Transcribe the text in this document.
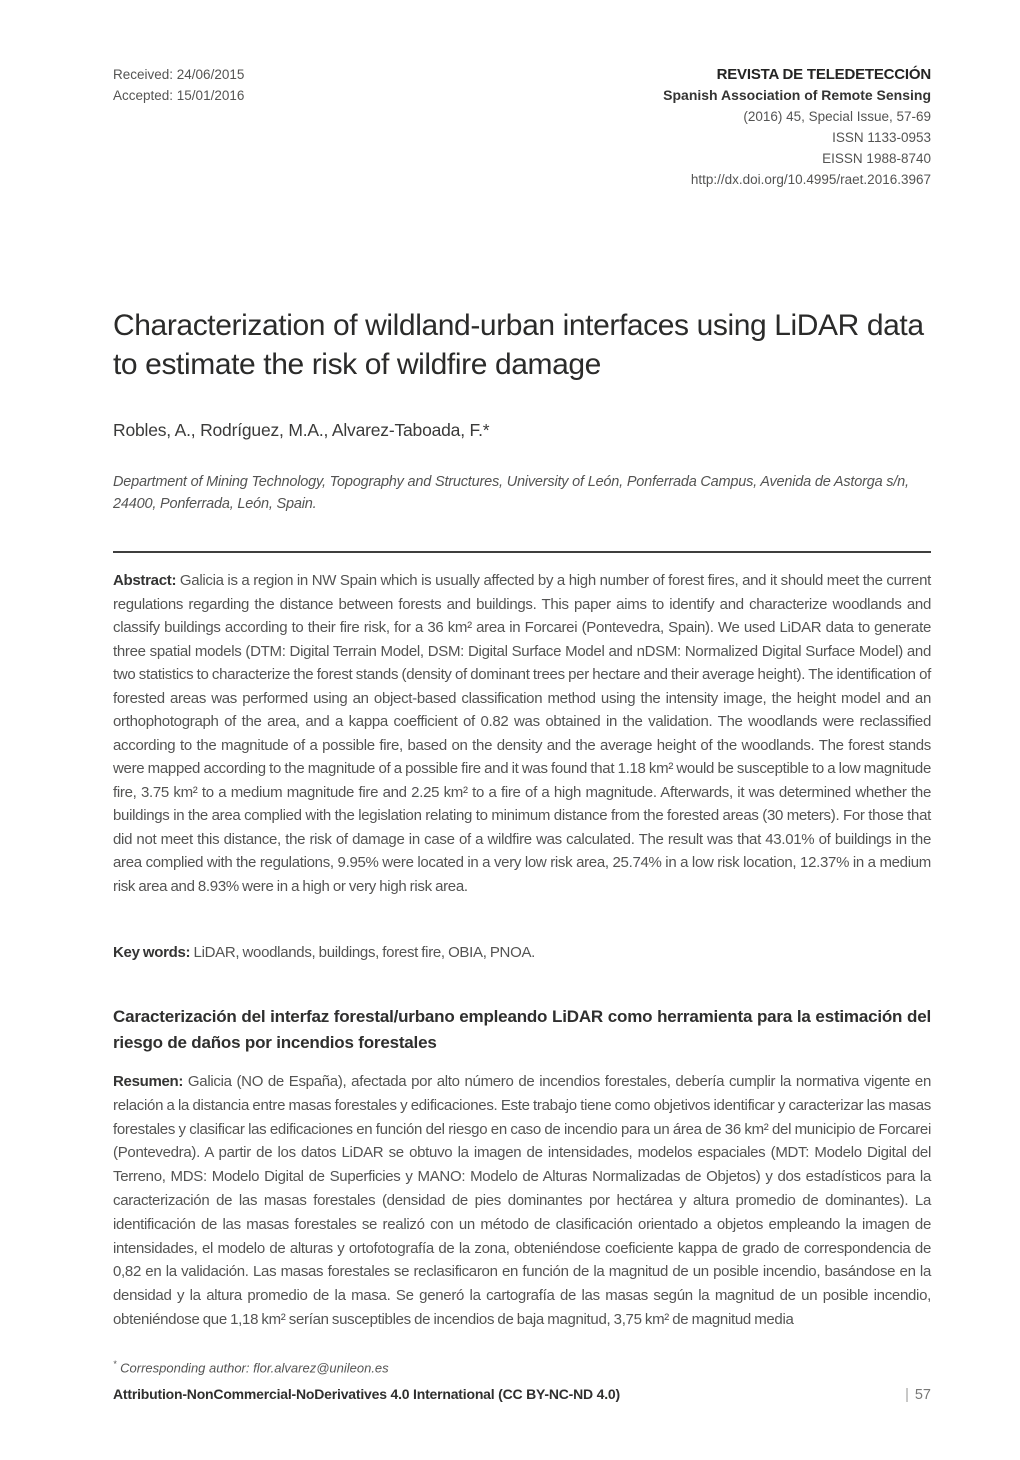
Received: 24/06/2015
Accepted: 15/01/2016
REVISTA DE TELEDETECCIÓN
Spanish Association of Remote Sensing
(2016) 45, Special Issue, 57-69
ISSN 1133-0953
EISSN 1988-8740
http://dx.doi.org/10.4995/raet.2016.3967
Characterization of wildland-urban interfaces using LiDAR data to estimate the risk of wildfire damage
Robles, A., Rodríguez, M.A., Alvarez-Taboada, F.*
Department of Mining Technology, Topography and Structures, University of León, Ponferrada Campus, Avenida de Astorga s/n, 24400, Ponferrada, León, Spain.

Abstract: Galicia is a region in NW Spain which is usually affected by a high number of forest fires, and it should meet the current regulations regarding the distance between forests and buildings. This paper aims to identify and characterize woodlands and classify buildings according to their fire risk, for a 36 km² area in Forcarei (Pontevedra, Spain). We used LiDAR data to generate three spatial models (DTM: Digital Terrain Model, DSM: Digital Surface Model and nDSM: Normalized Digital Surface Model) and two statistics to characterize the forest stands (density of dominant trees per hectare and their average height). The identification of forested areas was performed using an object-based classification method using the intensity image, the height model and an orthophotograph of the area, and a kappa coefficient of 0.82 was obtained in the validation. The woodlands were reclassified according to the magnitude of a possible fire, based on the density and the average height of the woodlands. The forest stands were mapped according to the magnitude of a possible fire and it was found that 1.18 km² would be susceptible to a low magnitude fire, 3.75 km² to a medium magnitude fire and 2.25 km² to a fire of a high magnitude. Afterwards, it was determined whether the buildings in the area complied with the legislation relating to minimum distance from the forested areas (30 meters). For those that did not meet this distance, the risk of damage in case of a wildfire was calculated. The result was that 43.01% of buildings in the area complied with the regulations, 9.95% were located in a very low risk area, 25.74% in a low risk location, 12.37% in a medium risk area and 8.93% were in a high or very high risk area.

Key words: LiDAR, woodlands, buildings, forest fire, OBIA, PNOA.

Caracterización del interfaz forestal/urbano empleando LiDAR como herramienta para la estimación del riesgo de daños por incendios forestales

Resumen: Galicia (NO de España), afectada por alto número de incendios forestales, debería cumplir la normativa vigente en relación a la distancia entre masas forestales y edificaciones. Este trabajo tiene como objetivos identificar y caracterizar las masas forestales y clasificar las edificaciones en función del riesgo en caso de incendio para un área de 36 km² del municipio de Forcarei (Pontevedra). A partir de los datos LiDAR se obtuvo la imagen de intensidades, modelos espaciales (MDT: Modelo Digital del Terreno, MDS: Modelo Digital de Superficies y MANO: Modelo de Alturas Normalizadas de Objetos) y dos estadísticos para la caracterización de las masas forestales (densidad de pies dominantes por hectárea y altura promedio de dominantes). La identificación de las masas forestales se realizó con un método de clasificación orientado a objetos empleando la imagen de intensidades, el modelo de alturas y ortofotografía de la zona, obteniéndose coeficiente kappa de grado de correspondencia de 0,82 en la validación. Las masas forestales se reclasificaron en función de la magnitud de un posible incendio, basándose en la densidad y la altura promedio de la masa. Se generó la cartografía de las masas según la magnitud de un posible incendio, obteniéndose que 1,18 km² serían susceptibles de incendios de baja magnitud, 3,75 km² de magnitud media

* Corresponding author: flor.alvarez@unileon.es
Attribution-NonCommercial-NoDerivatives 4.0 International (CC BY-NC-ND 4.0)	| 57
